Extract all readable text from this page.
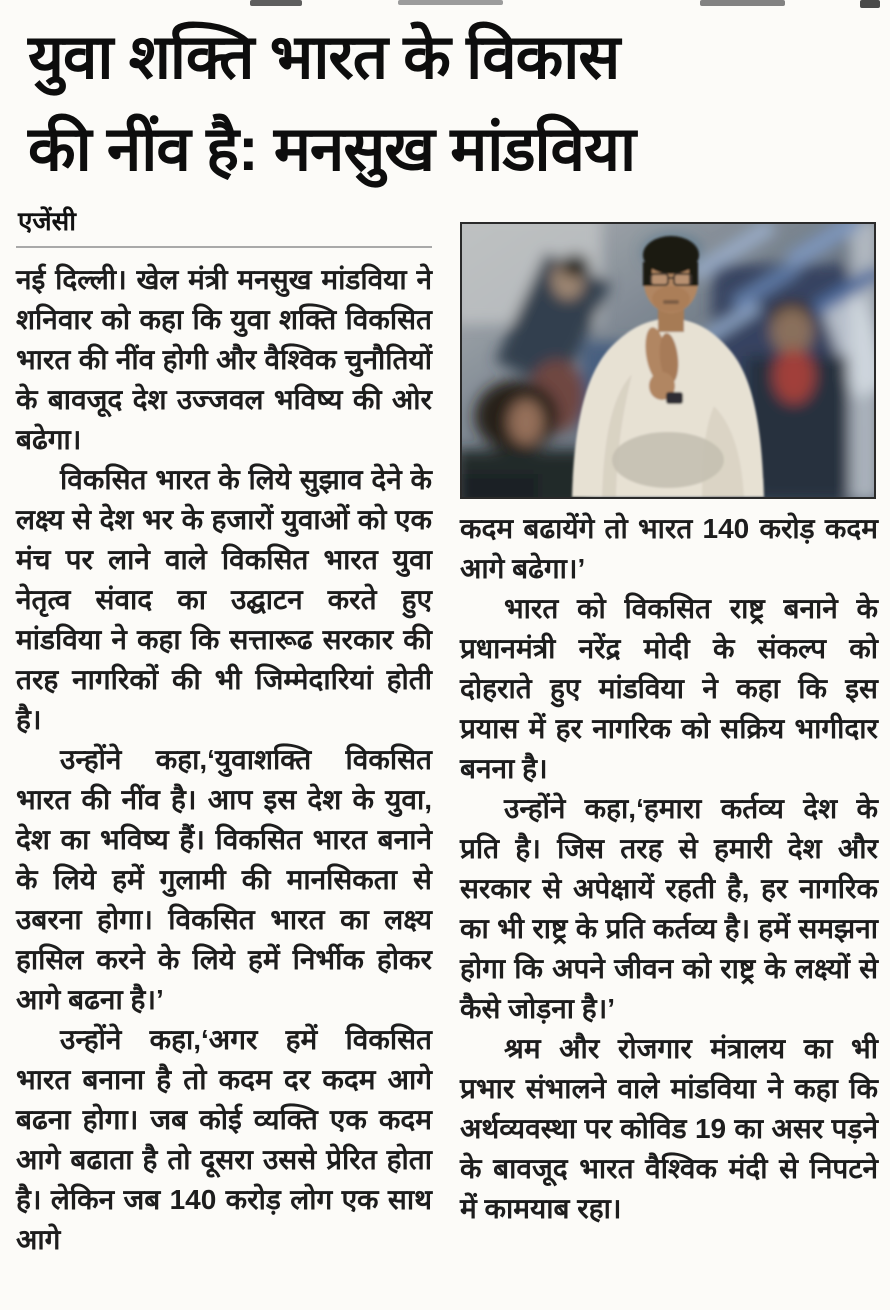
युवा शक्ति भारत के विकास
की नींव है: मनसुख मांडविया
एजेंसी

नई दिल्ली। खेल मंत्री मनसुख मांडविया ने शनिवार को कहा कि युवा शक्ति विकसित भारत की नींव होगी और वैश्विक चुनौतियों के बावजूद देश उज्जवल भविष्य की ओर बढेगा।

विकसित भारत के लिये सुझाव देने के लक्ष्य से देश भर के हजारों युवाओं को एक मंच पर लाने वाले विकसित भारत युवा नेतृत्व संवाद का उद्घाटन करते हुए मांडविया ने कहा कि सत्तारूढ सरकार की तरह नागरिकों की भी जिम्मेदारियां होती है।

उन्होंने कहा,‘युवाशक्ति विकसित भारत की नींव है। आप इस देश के युवा, देश का भविष्य हैं। विकसित भारत बनाने के लिये हमें गुलामी की मानसिकता से उबरना होगा। विकसित भारत का लक्ष्य हासिल करने के लिये हमें निर्भीक होकर आगे बढना है।’

उन्होंने कहा,‘अगर हमें विकसित भारत बनाना है तो कदम दर कदम आगे बढना होगा। जब कोई व्यक्ति एक कदम आगे बढाता है तो दूसरा उससे प्रेरित होता है। लेकिन जब 140 करोड़ लोग एक साथ आगे

कदम बढायेंगे तो भारत 140 करोड़ कदम आगे बढेगा।’

भारत को विकसित राष्ट्र बनाने के प्रधानमंत्री नरेंद्र मोदी के संकल्प को दोहराते हुए मांडविया ने कहा कि इस प्रयास में हर नागरिक को सक्रिय भागीदार बनना है।

उन्होंने कहा,‘हमारा कर्तव्य देश के प्रति है। जिस तरह से हमारी देश और सरकार से अपेक्षायें रहती है, हर नागरिक का भी राष्ट्र के प्रति कर्तव्य है। हमें समझना होगा कि अपने जीवन को राष्ट्र के लक्ष्यों से कैसे जोड़ना है।’

श्रम और रोजगार मंत्रालय का भी प्रभार संभालने वाले मांडविया ने कहा कि अर्थव्यवस्था पर कोविड 19 का असर पड़ने के बावजूद भारत वैश्विक मंदी से निपटने में कामयाब रहा।
